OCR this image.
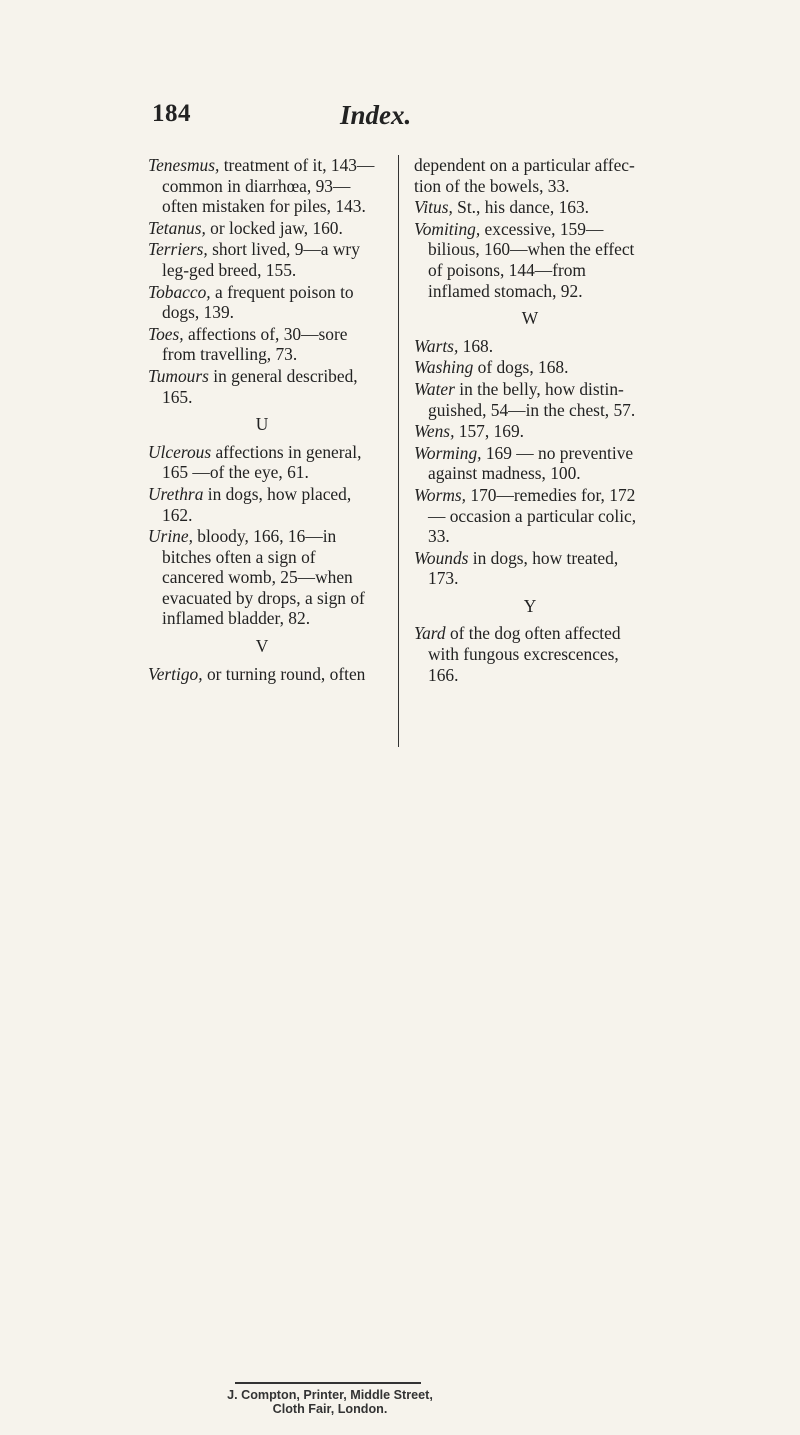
184	Index.
Tenesmus, treatment of it, 143— common in diarrhœa, 93—often mistaken for piles, 143.
Tetanus, or locked jaw, 160.
Terriers, short lived, 9—a wry leg-ged breed, 155.
Tobacco, a frequent poison to dogs, 139.
Toes, affections of, 30—sore from travelling, 73.
Tumours in general described, 165.
U
Ulcerous affections in general, 165 —of the eye, 61.
Urethra in dogs, how placed, 162.
Urine, bloody, 166, 16—in bitches often a sign of cancered womb, 25—when evacuated by drops, a sign of inflamed bladder, 82.
V
Vertigo, or turning round, often
dependent on a particular affec-tion of the bowels, 33.
Vitus, St., his dance, 163.
Vomiting, excessive, 159—bilious, 160—when the effect of poisons, 144—from inflamed stomach, 92.
W
Warts, 168.
Washing of dogs, 168.
Water in the belly, how distin-guished, 54—in the chest, 57.
Wens, 157, 169.
Worming, 169 — no preventive against madness, 100.
Worms, 170—remedies for, 172— occasion a particular colic, 33.
Wounds in dogs, how treated, 173.
Y
Yard of the dog often affected with fungous excrescences, 166.
J. Compton, Printer, Middle Street,
Cloth Fair, London.
